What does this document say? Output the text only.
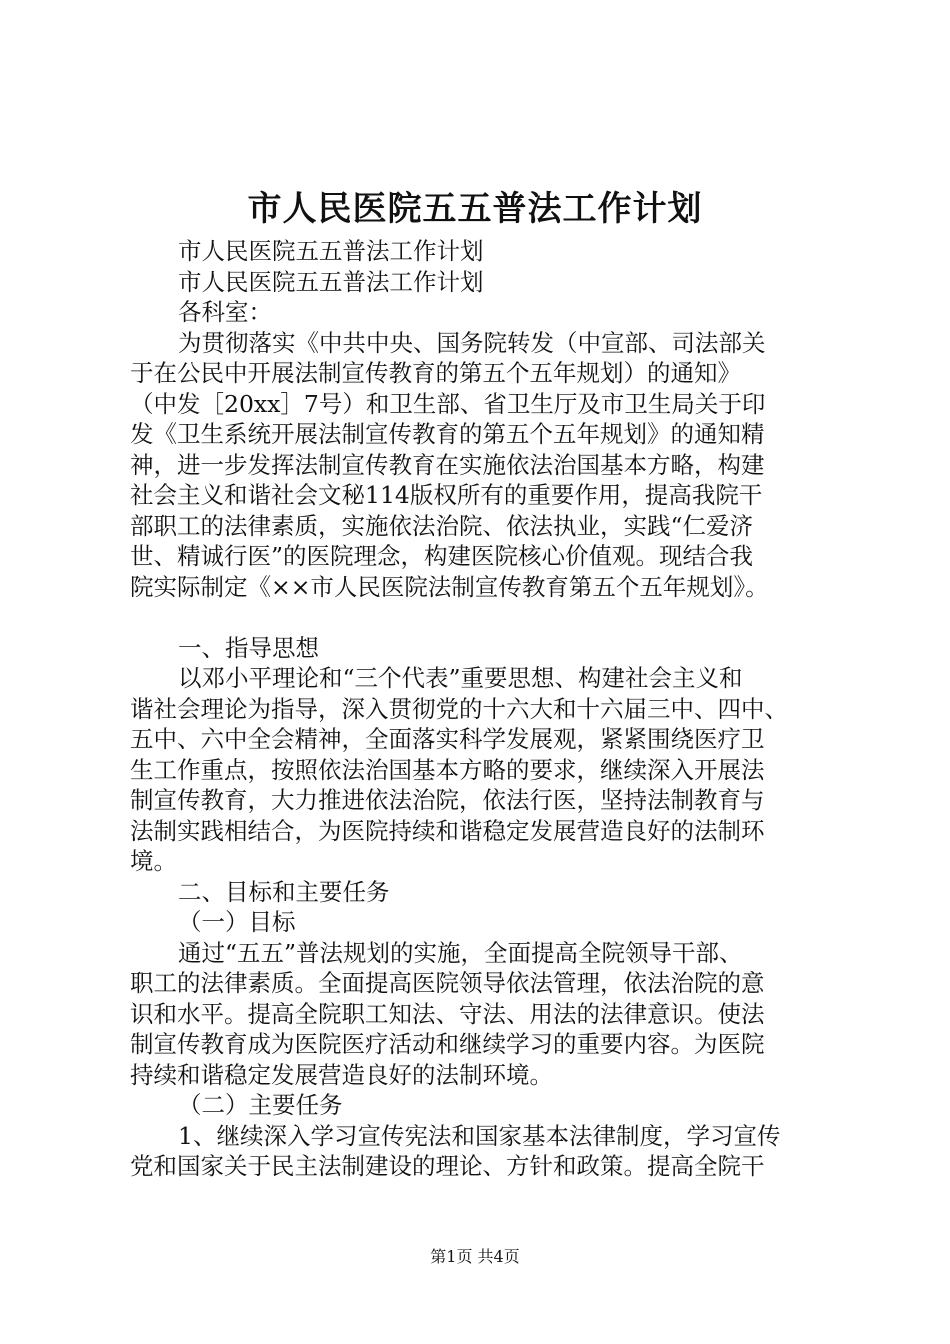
市人民医院五五普法工作计划
市人民医院五五普法工作计划
市人民医院五五普法工作计划
各科室：
为贯彻落实《中共中央、国务院转发（中宣部、司法部关
于在公民中开展法制宣传教育的第五个五年规划）的通知》
（中发［20xx］7号）和卫生部、省卫生厅及市卫生局关于印
发《卫生系统开展法制宣传教育的第五个五年规划》的通知精
神，进一步发挥法制宣传教育在实施依法治国基本方略，构建
社会主义和谐社会文秘114版权所有的重要作用，提高我院干
部职工的法律素质，实施依法治院、依法执业，实践“仁爱济
世、精诚行医”的医院理念，构建医院核心价值观。现结合我
院实际制定《××市人民医院法制宣传教育第五个五年规划》。
一、指导思想
以邓小平理论和“三个代表”重要思想、构建社会主义和
谐社会理论为指导，深入贯彻党的十六大和十六届三中、四中、
五中、六中全会精神，全面落实科学发展观，紧紧围绕医疗卫
生工作重点，按照依法治国基本方略的要求，继续深入开展法
制宣传教育，大力推进依法治院，依法行医，坚持法制教育与
法制实践相结合，为医院持续和谐稳定发展营造良好的法制环
境。
二、目标和主要任务
（一）目标
通过“五五”普法规划的实施，全面提高全院领导干部、
职工的法律素质。全面提高医院领导依法管理，依法治院的意
识和水平。提高全院职工知法、守法、用法的法律意识。使法
制宣传教育成为医院医疗活动和继续学习的重要内容。为医院
持续和谐稳定发展营造良好的法制环境。
（二）主要任务
1、继续深入学习宣传宪法和国家基本法律制度，学习宣传
党和国家关于民主法制建设的理论、方针和政策。提高全院干
第1页 共4页
